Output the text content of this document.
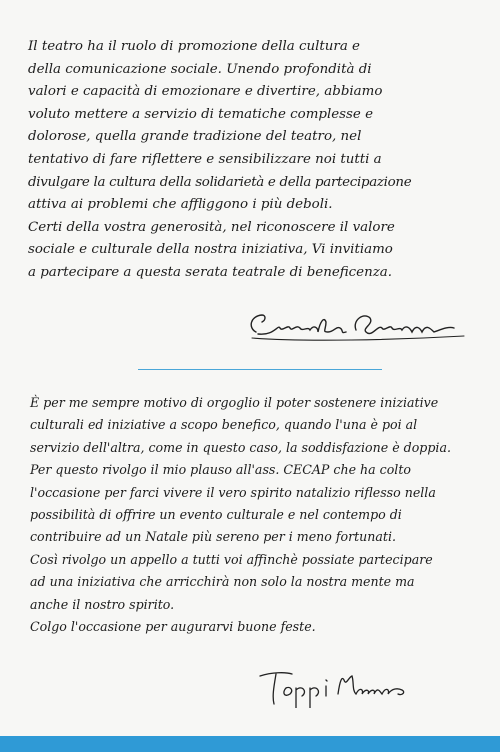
Il teatro ha il ruolo di promozione della cultura e

della comunicazione sociale. Unendo profondità di

valori e capacità di emozionare e divertire, abbiamo

voluto mettere a servizio di tematiche complesse e

dolorose, quella grande tradizione del teatro, nel

tentativo di fare riflettere e sensibilizzare noi tutti a

divulgare la cultura della solidarietà e della partecipazione

attiva ai problemi che affliggono i più deboli.

Certi della vostra generosità, nel riconoscere il valore

sociale e culturale della nostra iniziativa, Vi invitiamo

a partecipare a questa serata teatrale di beneficenza.

È per me sempre motivo di orgoglio il poter sostenere iniziative

culturali ed iniziative a scopo benefico, quando l'una è poi al

servizio dell'altra, come in questo caso, la soddisfazione è doppia.

Per questo rivolgo il mio plauso all'ass. CECAP che ha colto

l'occasione per farci vivere il vero spirito natalizio riflesso nella

possibilità di offrire un evento culturale e nel contempo di

contribuire ad un Natale più sereno per i meno fortunati.

Così rivolgo un appello a tutti voi affinchè possiate partecipare

ad una iniziativa che arricchirà non solo la nostra mente ma

anche il nostro spirito.

Colgo l'occasione per augurarvi buone feste.
